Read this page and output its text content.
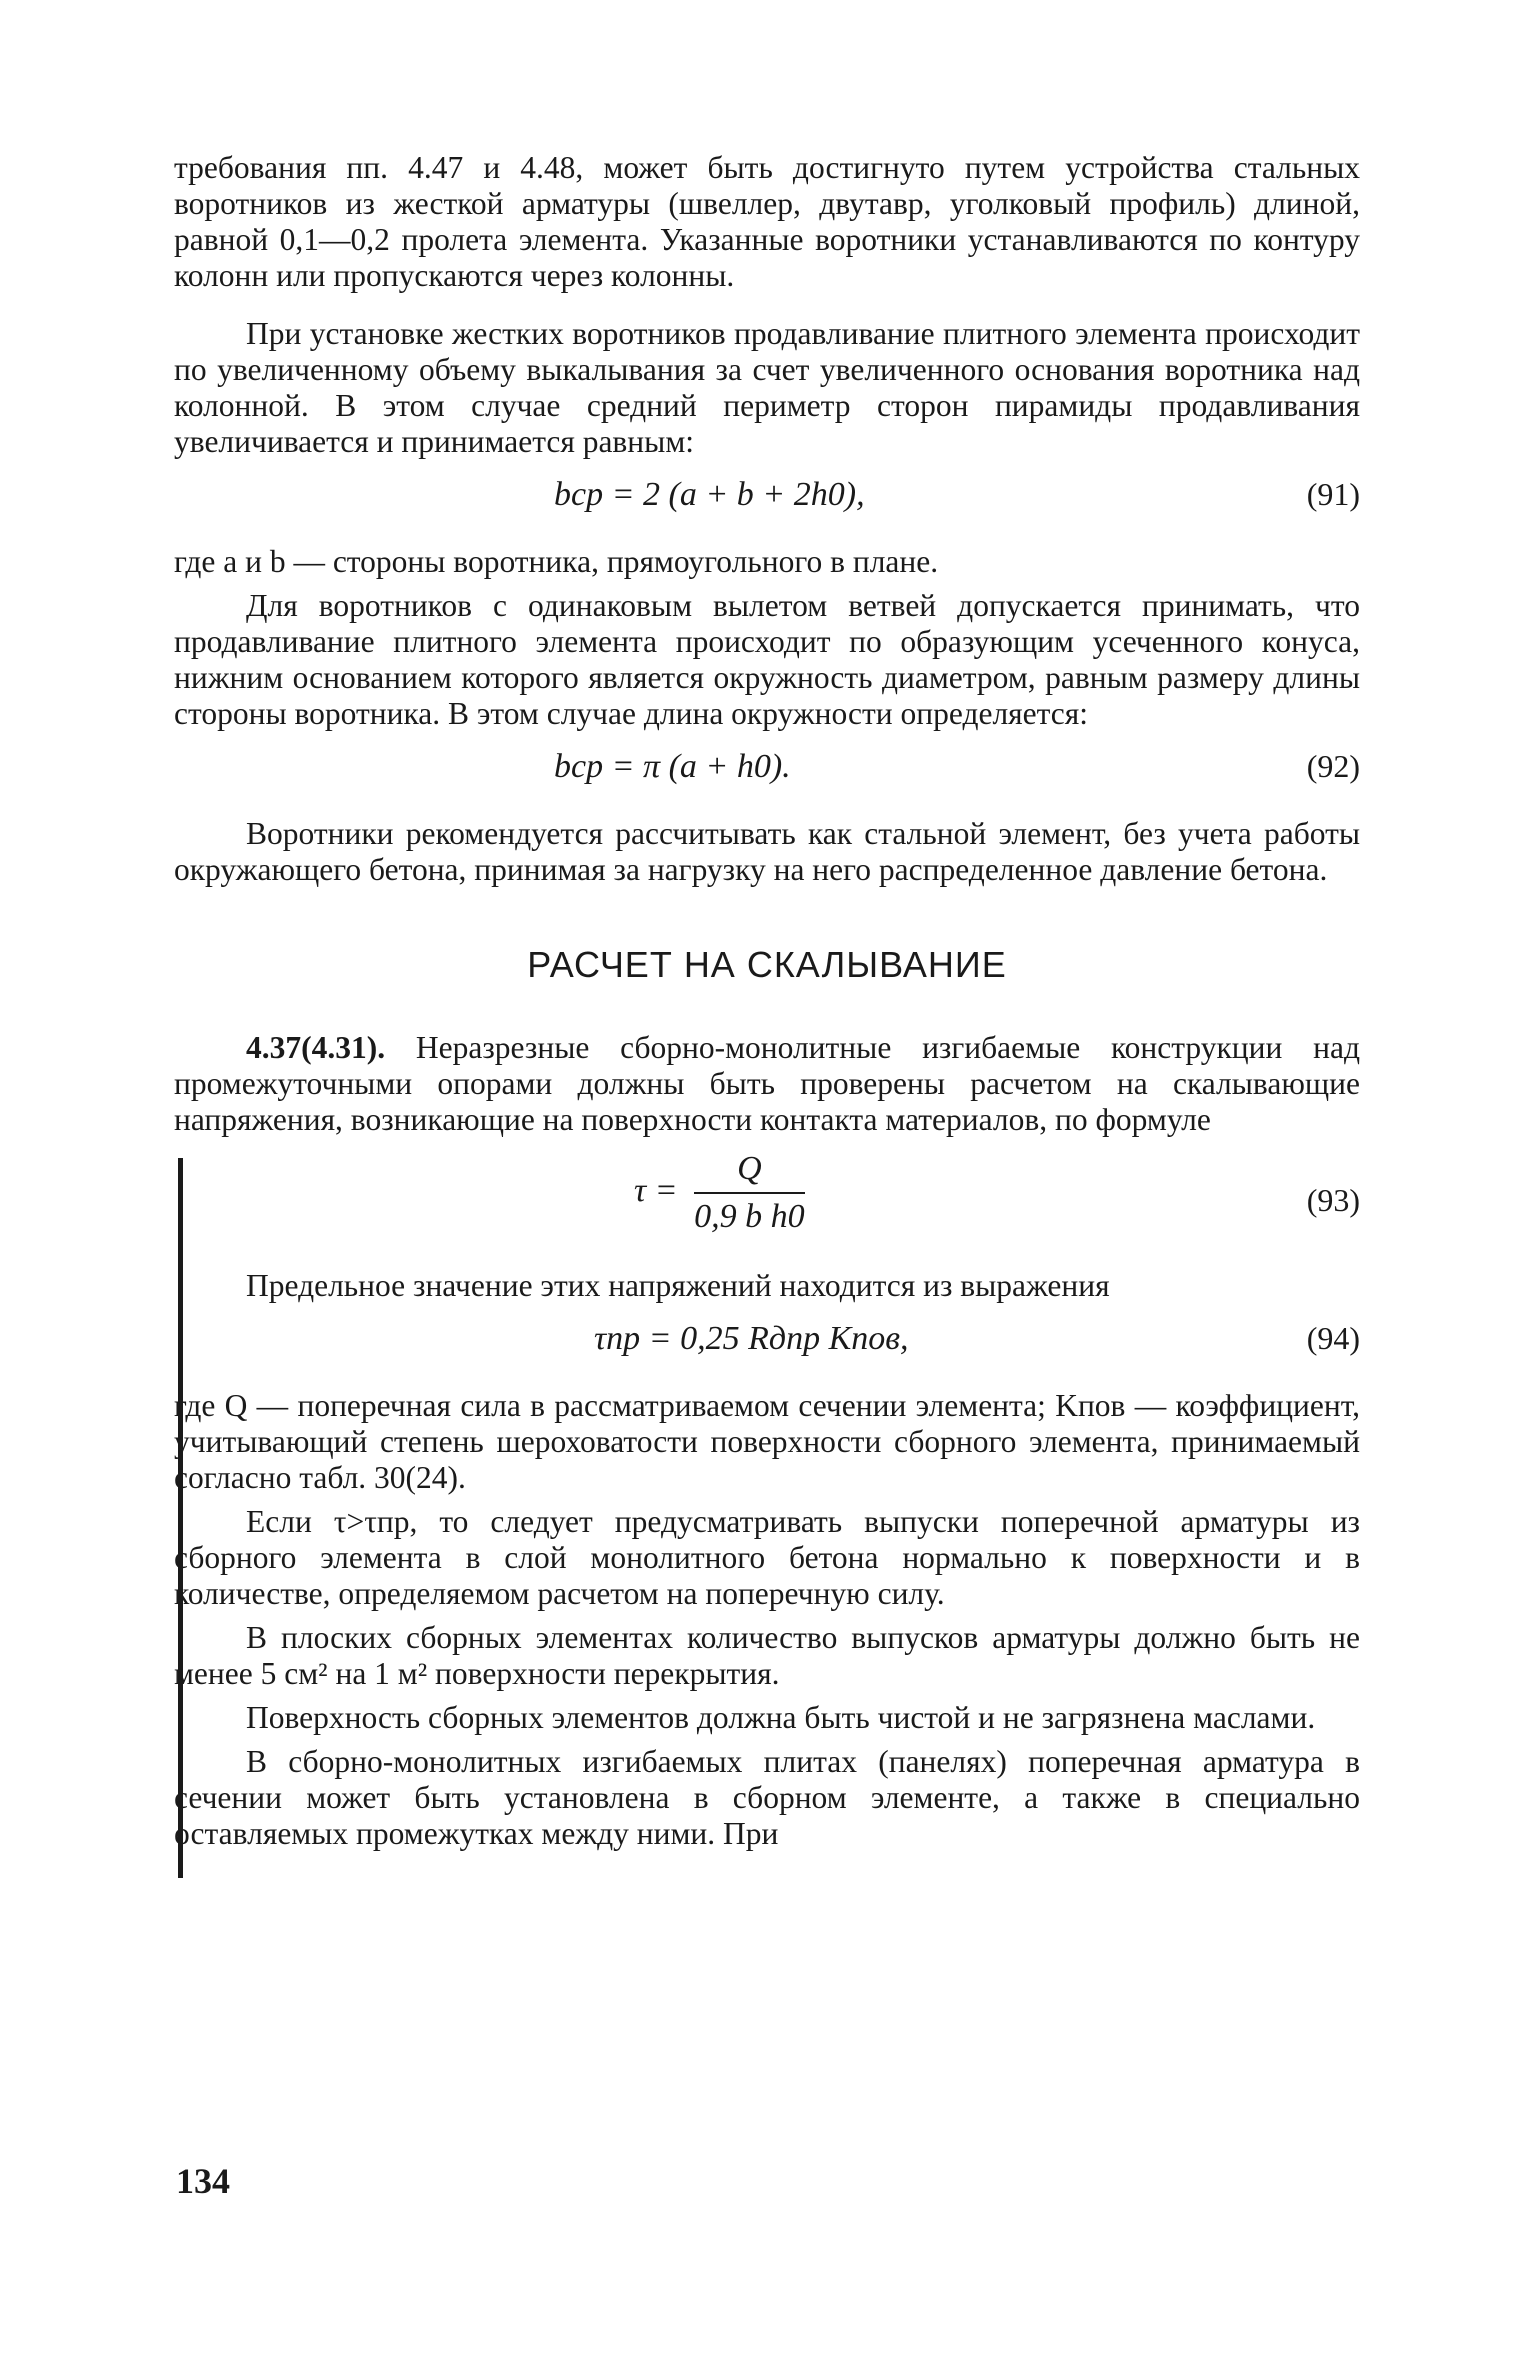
требования пп. 4.47 и 4.48, может быть достигнуто путем устройства стальных воротников из жесткой арматуры (швеллер, двутавр, уголковый профиль) длиной, равной 0,1—0,2 пролета элемента. Указанные воротники устанавливаются по контуру колонн или пропускаются через колонны.

При установке жестких воротников продавливание плитного элемента происходит по увеличенному объему выкалывания за счет увеличенного основания воротника над колонной. В этом случае средний периметр сторон пирамиды продавливания увеличивается и принимается равным:

bср = 2 (a + b + 2h0),	(91)

где a и b — стороны воротника, прямоугольного в плане.

Для воротников с одинаковым вылетом ветвей допускается принимать, что продавливание плитного элемента происходит по образующим усеченного конуса, нижним основанием которого является окружность диаметром, равным размеру длины стороны воротника. В этом случае длина окружности определяется:

bср = π (a + h0).	(92)

Воротники рекомендуется рассчитывать как стальной элемент, без учета работы окружающего бетона, принимая за нагрузку на него распределенное давление бетона.

РАСЧЕТ НА СКАЛЫВАНИЕ

4.37(4.31). Неразрезные сборно-монолитные изгибаемые конструкции над промежуточными опорами должны быть проверены расчетом на скалывающие напряжения, возникающие на поверхности контакта материалов, по формуле

$\tau = \frac{Q}{\text{0,9 b h0}}$	(93)

Предельное значение этих напряжений находится из выражения

τпр = 0,25 Rдпр Kпов,	(94)

где Q — поперечная сила в рассматриваемом сечении элемента; Kпов — коэффициент, учитывающий степень шероховатости поверхности сборного элемента, принимаемый согласно табл. 30(24).

Если τ>τпр, то следует предусматривать выпуски поперечной арматуры из сборного элемента в слой монолитного бетона нормально к поверхности и в количестве, определяемом расчетом на поперечную силу.

В плоских сборных элементах количество выпусков арматуры должно быть не менее 5 см² на 1 м² поверхности перекрытия.

Поверхность сборных элементов должна быть чистой и не загрязнена маслами.

В сборно-монолитных изгибаемых плитах (панелях) поперечная арматура в сечении может быть установлена в сборном элементе, а также в специально оставляемых промежутках между ними. При

134
